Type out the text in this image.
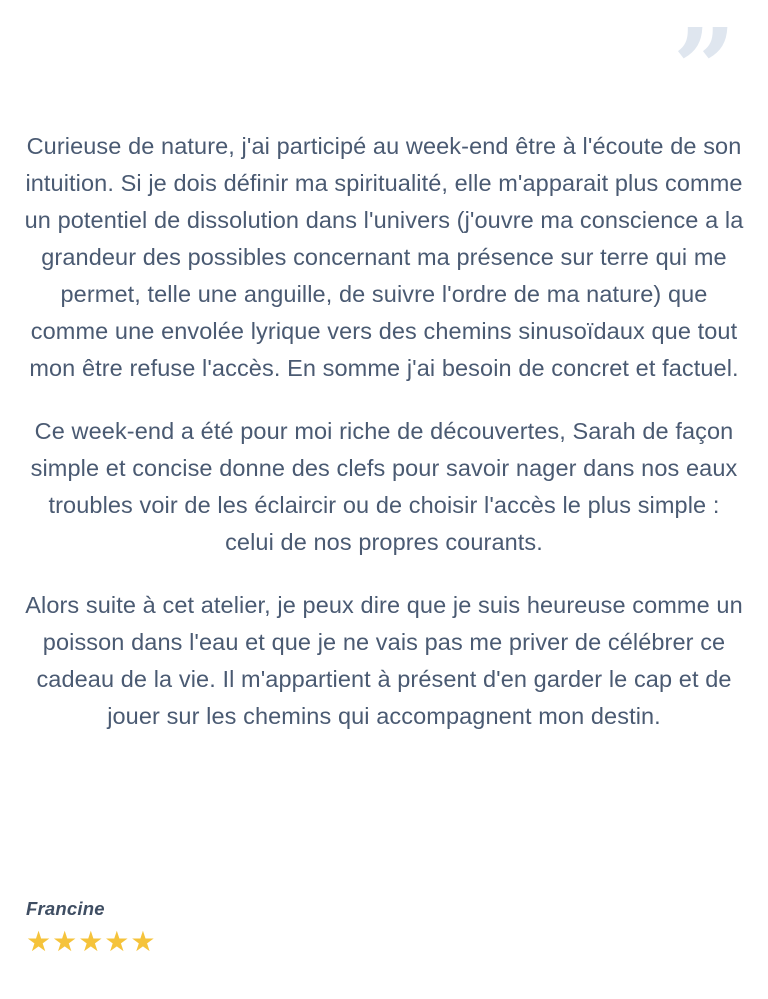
”

Curieuse de nature, j'ai participé au week-end être à l'écoute de son intuition. Si je dois définir ma spiritualité, elle m'apparait plus comme un potentiel de dissolution dans l'univers (j'ouvre ma conscience a la grandeur des possibles concernant ma présence sur terre qui me permet, telle une anguille, de suivre l'ordre de ma nature) que comme une envolée lyrique vers des chemins sinusoïdaux que tout mon être refuse l'accès. En somme j'ai besoin de concret et factuel.

Ce week-end a été pour moi riche de découvertes, Sarah de façon simple et concise donne des clefs pour savoir nager dans nos eaux troubles voir de les éclaircir ou de choisir l'accès le plus simple : celui de nos propres courants.

Alors suite à cet atelier, je peux dire que je suis heureuse comme un poisson dans l'eau et que je ne vais pas me priver de célébrer ce cadeau de la vie. Il m'appartient à présent d'en garder le cap et de jouer sur les chemins qui accompagnent mon destin.

Francine
★★★★★
